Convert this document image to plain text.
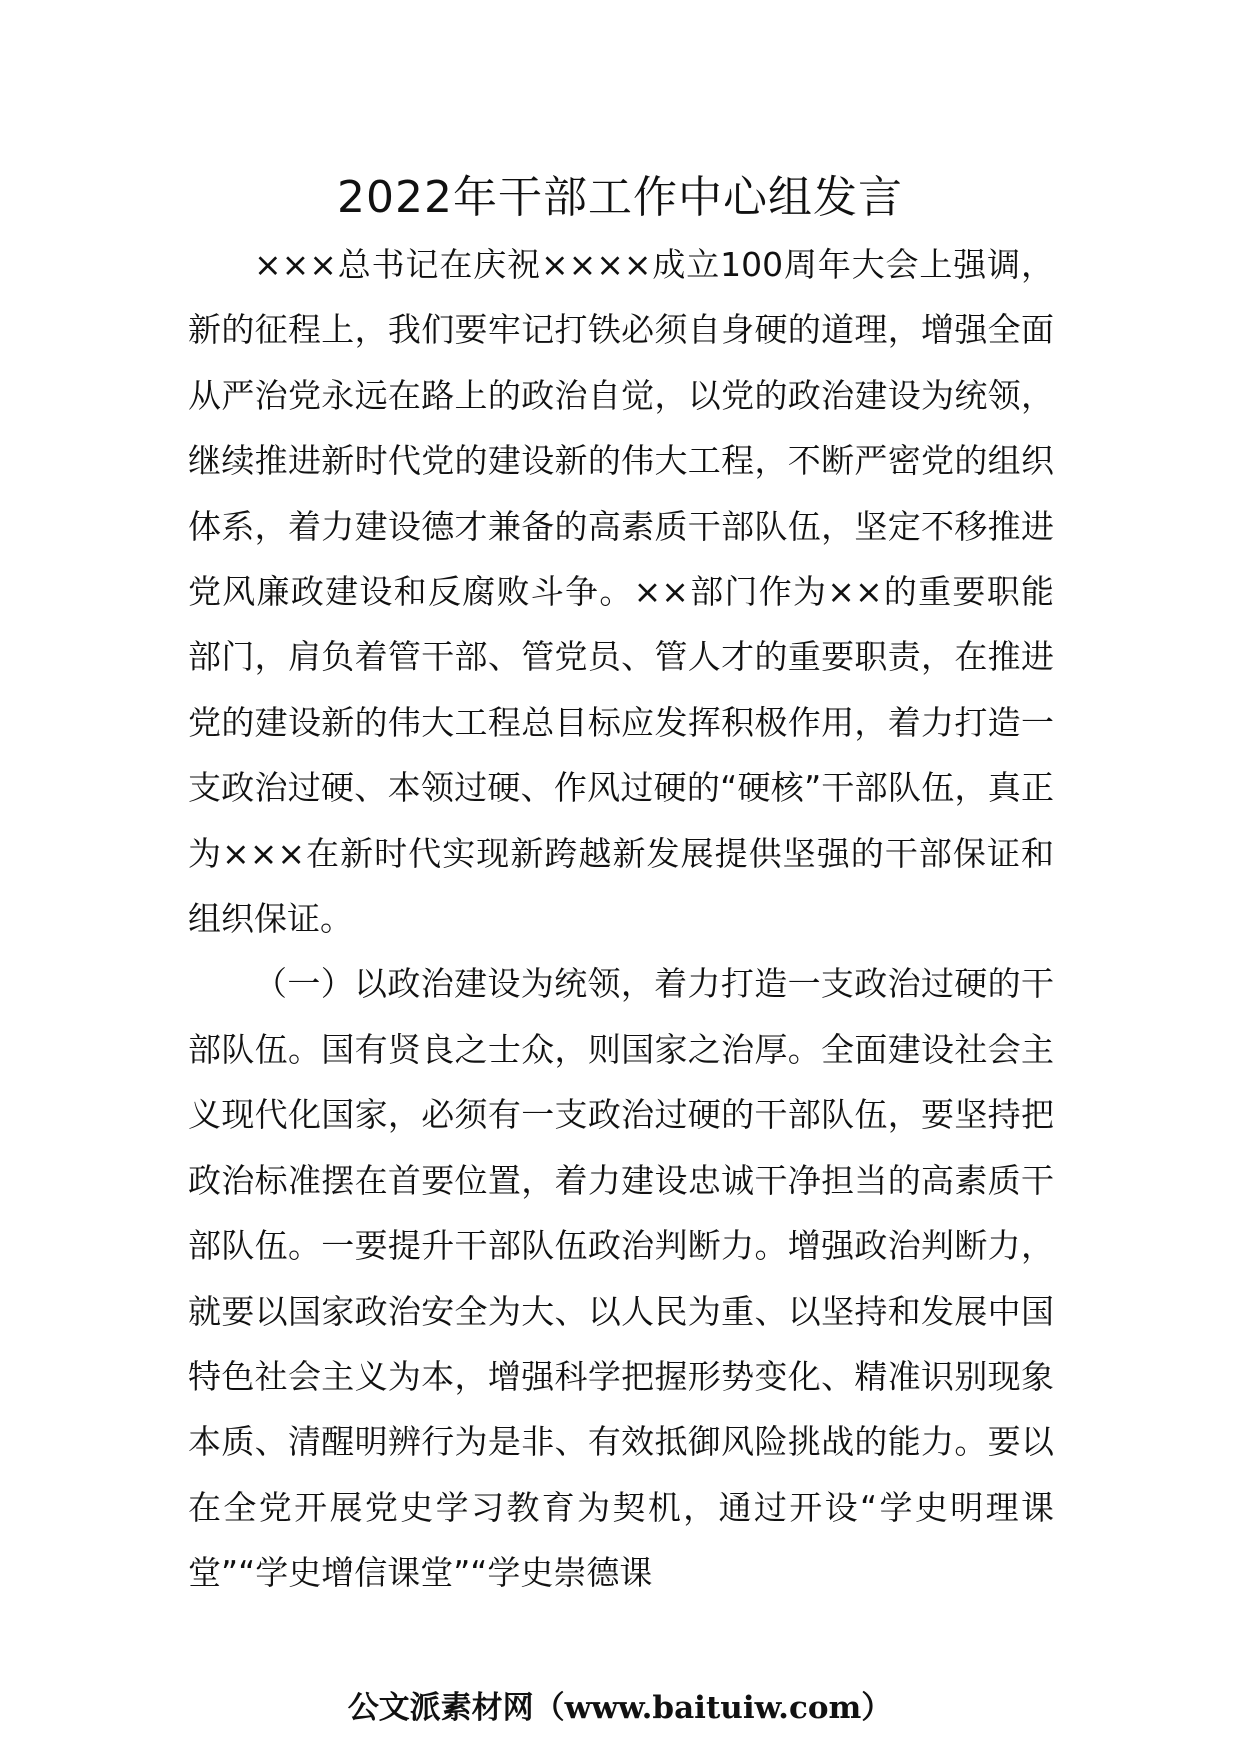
2022年干部工作中心组发言

×××总书记在庆祝××××成立100周年大会上强调，新的征程上，我们要牢记打铁必须自身硬的道理，增强全面从严治党永远在路上的政治自觉，以党的政治建设为统领，继续推进新时代党的建设新的伟大工程，不断严密党的组织体系，着力建设德才兼备的高素质干部队伍，坚定不移推进党风廉政建设和反腐败斗争。××部门作为××的重要职能部门，肩负着管干部、管党员、管人才的重要职责，在推进党的建设新的伟大工程总目标应发挥积极作用，着力打造一支政治过硬、本领过硬、作风过硬的“硬核”干部队伍，真正为×××在新时代实现新跨越新发展提供坚强的干部保证和组织保证。

（一）以政治建设为统领，着力打造一支政治过硬的干部队伍。国有贤良之士众，则国家之治厚。全面建设社会主义现代化国家，必须有一支政治过硬的干部队伍，要坚持把政治标准摆在首要位置，着力建设忠诚干净担当的高素质干部队伍。一要提升干部队伍政治判断力。增强政治判断力，就要以国家政治安全为大、以人民为重、以坚持和发展中国特色社会主义为本，增强科学把握形势变化、精准识别现象本质、清醒明辨行为是非、有效抵御风险挑战的能力。要以在全党开展党史学习教育为契机，通过开设“学史明理课堂”“学史增信课堂”“学史崇德课

公文派素材网（www.baituiw.com）
